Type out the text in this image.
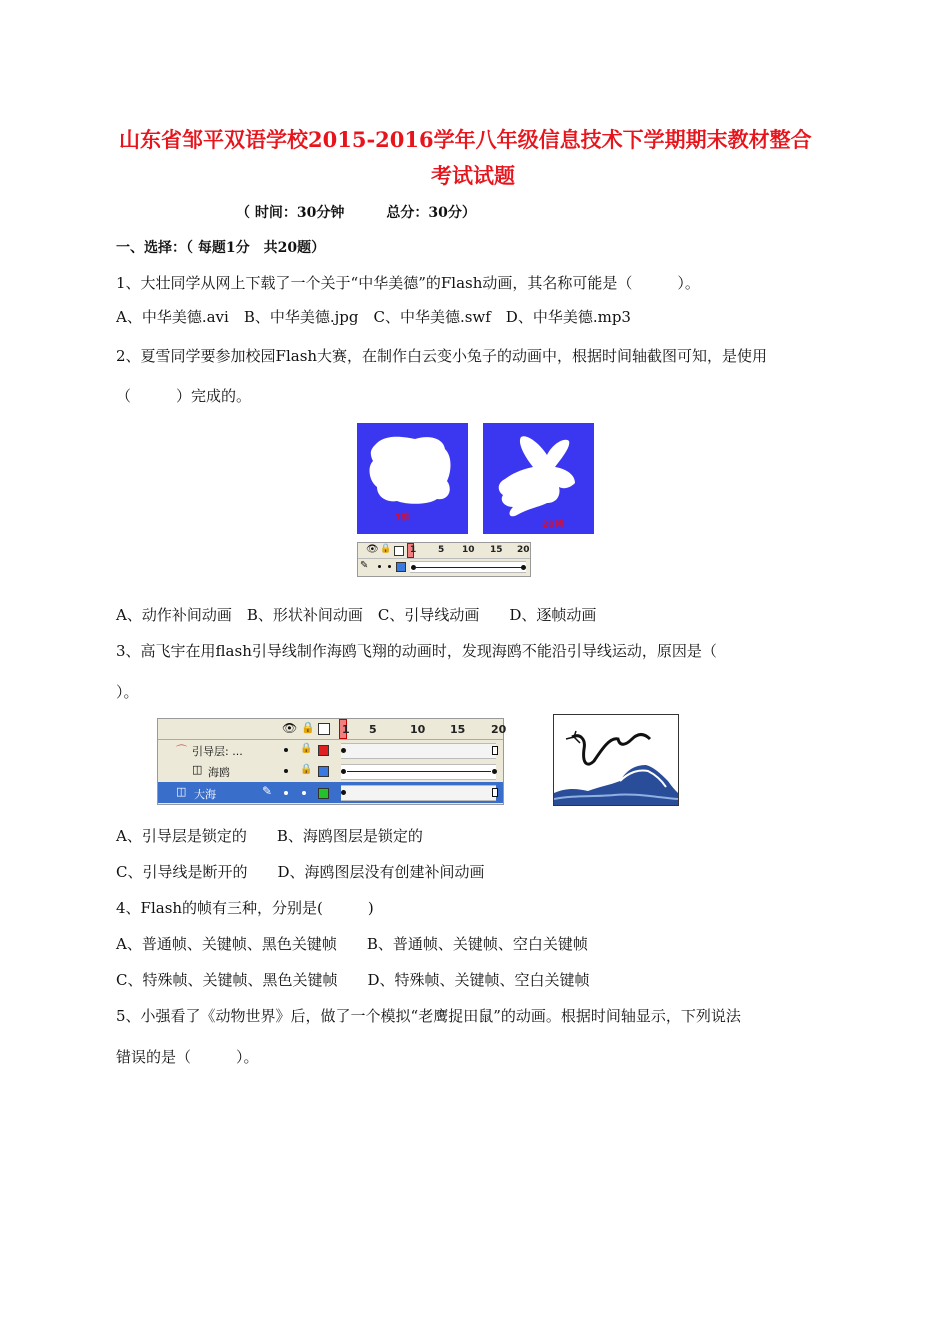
山东省邹平双语学校2015-2016学年八年级信息技术下学期期末教材整合
考试试题
（ 时间：30分钟　　　总分：30分）
一、选择：（ 每题1分　共20题）
1、大壮同学从网上下载了一个关于“中华美德”的Flash动画，其名称可能是（　　　）。
A、中华美德.avi　B、中华美德.jpg　C、中华美德.swf　D、中华美德.mp3
2、夏雪同学要参加校园Flash大赛，在制作白云变小兔子的动画中，根据时间轴截图可知，是使用
（　　　）完成的。
1帧
20帧
👁 🔒 1 5 10 15 20
✎
A、动作补间动画　B、形状补间动画　C、引导线动画　　D、逐帧动画
3、高飞宇在用flash引导线制作海鸥飞翔的动画时，发现海鸥不能沿引导线运动，原因是（
）。
👁 🔒 1 5	10 15 20
⌒ 引导层: ...	🔒
◫ 海鸥	🔒
◫ 大海	✎
A、引导层是锁定的　　B、海鸥图层是锁定的
C、引导线是断开的　　D、海鸥图层没有创建补间动画
4、Flash的帧有三种，分别是(　　　)
A、普通帧、关键帧、黑色关键帧　　B、普通帧、关键帧、空白关键帧
C、特殊帧、关键帧、黑色关键帧　　D、特殊帧、关键帧、空白关键帧
5、小强看了《动物世界》后，做了一个模拟“老鹰捉田鼠”的动画。根据时间轴显示，下列说法
错误的是（　　　）。
